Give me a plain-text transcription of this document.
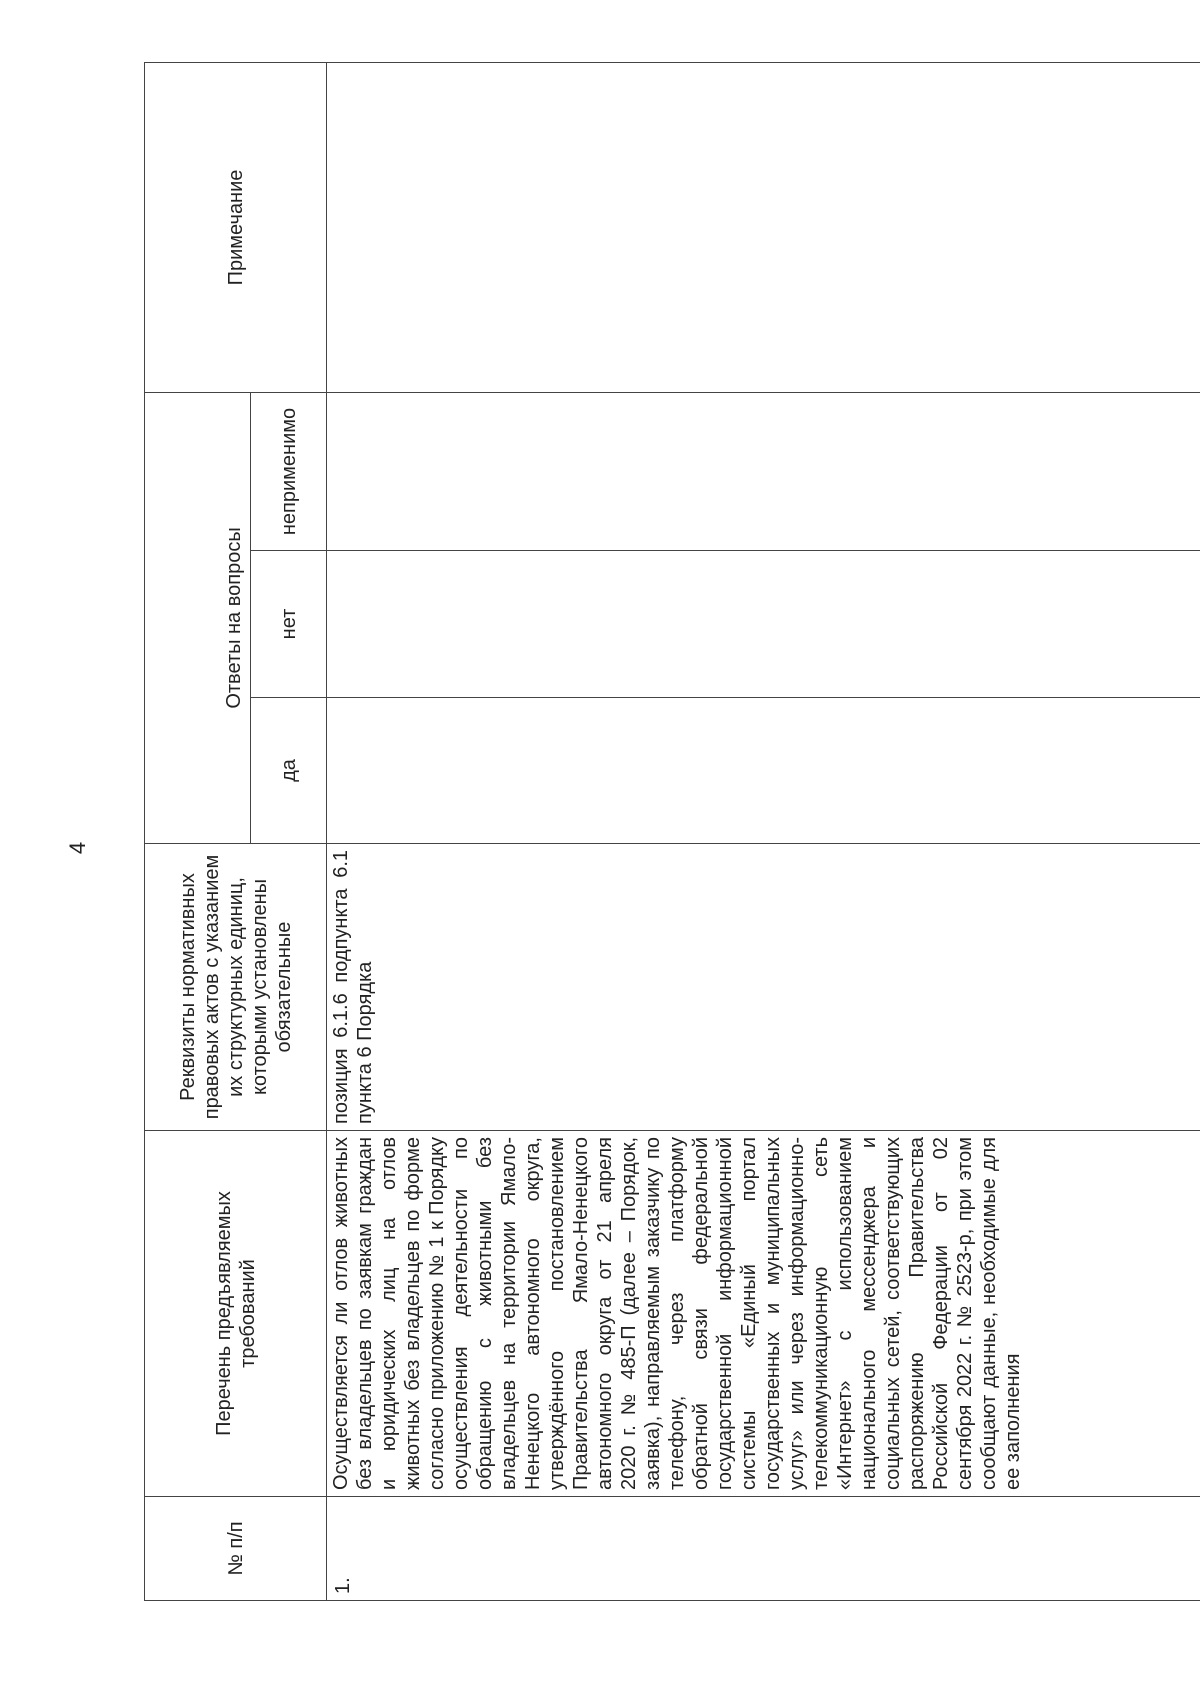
4
№ п/п	Перечень предъявляемых требований	Реквизиты нормативных правовых актов с указанием их структурных единиц, которыми установлены обязательные	Ответы на вопросы			Примечание

			да	нет	неприменимо	

1.	Осуществляется ли отлов животных без владельцев по заявкам граждан и юридических лиц на отлов животных без владельцев по форме согласно приложению № 1 к Порядку осуществления деятельности по обращению с животными без владельцев на территории Ямало-Ненецкого автономного округа, утверждённого постановлением Правительства Ямало-Ненецкого автономного округа от 21 апреля 2020 г. № 485-П (далее – Порядок, заявка), направляемым заказчику по телефону, через платформу обратной связи федеральной государственной информационной системы «Единый портал государственных и муниципальных услуг» или через информационно-телекоммуникационную сеть «Интернет» с использованием национального мессенджера и социальных сетей, соответствующих распоряжению Правительства Российской Федерации от 02 сентября 2022 г. № 2523-р, при этом сообщают данные, необходимые для ее заполнения	позиция 6.1.6 подпункта 6.1 пункта 6 Порядка				
